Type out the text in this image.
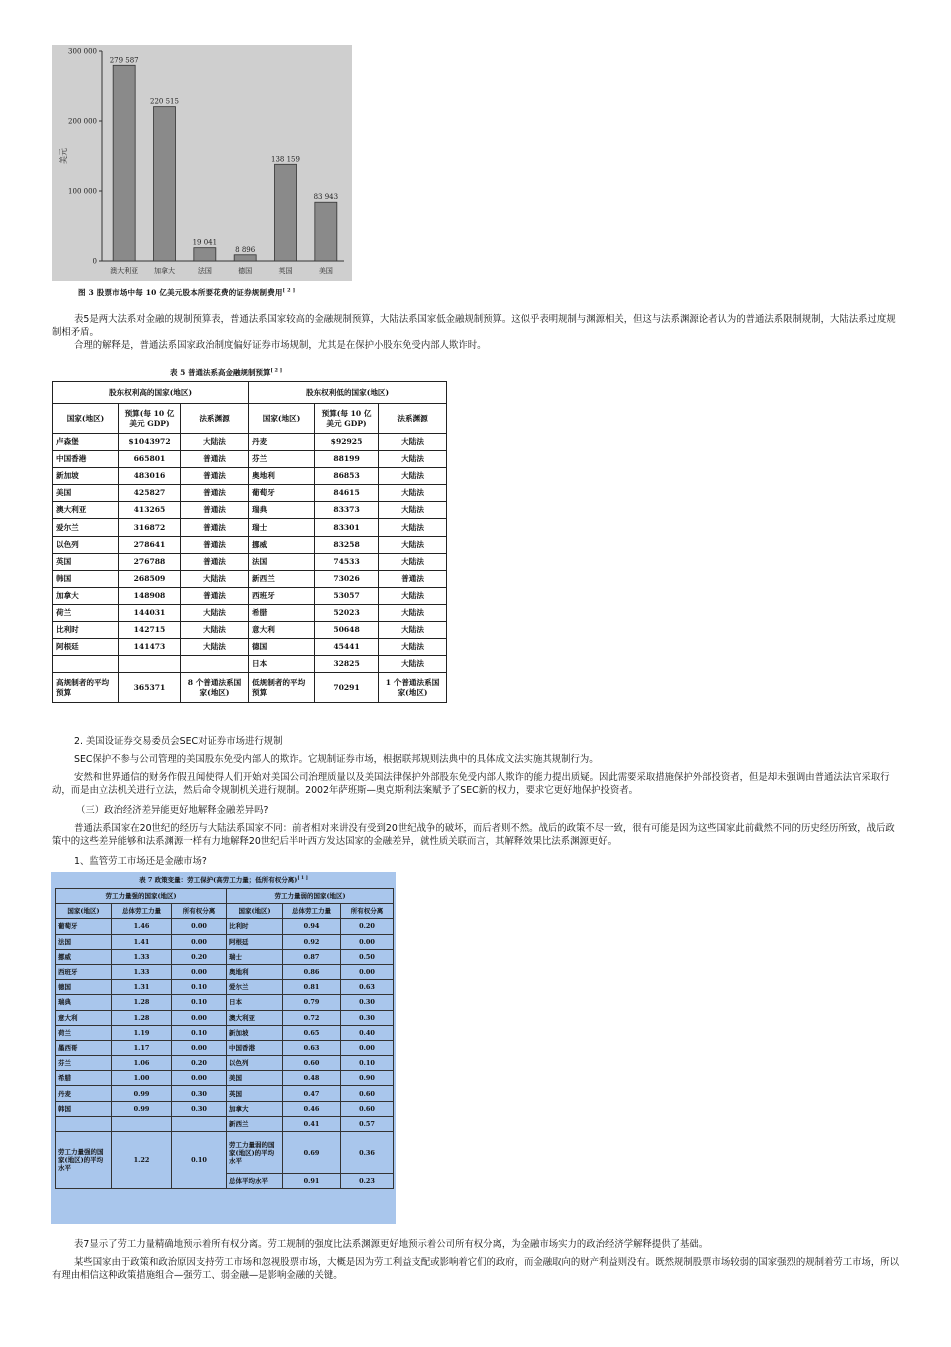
0
100 000
200 000
300 000
美元
279 587
澳大利亚
220 515
加拿大
19 041
法国
8 896
德国
138 159
英国
83 943
美国
图 3 股票市场中每 10 亿美元股本所要花费的证券规制费用[ 2 ]

表5是两大法系对金融的规制预算表，普通法系国家较高的金融规制预算，大陆法系国家低金融规制预算。这似乎表明规制与渊源相关，但这与法系渊源论者认为的普通法系限制规制，大陆法系过度规制相矛盾。

合理的解释是，普通法系国家政治制度偏好证券市场规制，尤其是在保护小股东免受内部人欺诈时。

表 5 普通法系高金融规制预算[ 2 ]
股东权利高的国家(地区)			股东权利低的国家(地区)		
国家(地区)	预算(每 10 亿美元 GDP)	法系渊源	国家(地区)	预算(每 10 亿美元 GDP)	法系渊源
卢森堡	$1043972	大陆法	丹麦	$92925	大陆法
中国香港	665801	普通法	芬兰	88199	大陆法
新加坡	483016	普通法	奥地利	86853	大陆法
美国	425827	普通法	葡萄牙	84615	大陆法
澳大利亚	413265	普通法	瑞典	83373	大陆法
爱尔兰	316872	普通法	瑞士	83301	大陆法
以色列	278641	普通法	挪威	83258	大陆法
英国	276788	普通法	法国	74533	大陆法
韩国	268509	大陆法	新西兰	73026	普通法
加拿大	148908	普通法	西班牙	53057	大陆法
荷兰	144031	大陆法	希腊	52023	大陆法
比利时	142715	大陆法	意大利	50648	大陆法
阿根廷	141473	大陆法	德国	45441	大陆法
			日本	32825	大陆法
高规制者的平均预算	365371	8 个普通法系国家(地区)	低规制者的平均预算	70291	1 个普通法系国家(地区)

2. 美国设证券交易委员会SEC对证券市场进行规制

SEC保护不参与公司管理的美国股东免受内部人的欺诈。它规制证券市场，根据联邦规则法典中的具体成文法实施其规制行为。

安然和世界通信的财务作假丑闻使得人们开始对美国公司治理质量以及美国法律保护外部股东免受内部人欺诈的能力提出质疑。因此需要采取措施保护外部投资者，但是却未强调由普通法法官采取行动，而是由立法机关进行立法，然后命令规制机关进行规制。2002年萨班斯—奥克斯利法案赋予了SEC新的权力，要求它更好地保护投资者。

（三）政治经济差异能更好地解释金融差异吗?

普通法系国家在20世纪的经历与大陆法系国家不同：前者相对来讲没有受到20世纪战争的破坏，而后者则不然。战后的政策不尽一致，很有可能是因为这些国家此前截然不同的历史经历所致，战后政策中的这些差异能够和法系渊源一样有力地解释20世纪后半叶西方发达国家的金融差异，就性质关联而言，其解释效果比法系渊源更好。

1、监管劳工市场还是金融市场?

表 7 政策变量：劳工保护(高劳工力量；低所有权分离)[ 1 ]
劳工力量强的国家(地区)			劳工力量弱的国家(地区)		
国家(地区)	总体劳工力量	所有权分离	国家(地区)	总体劳工力量	所有权分离
葡萄牙	1.46	0.00	比利时	0.94	0.20
法国	1.41	0.00	阿根廷	0.92	0.00
挪威	1.33	0.20	瑞士	0.87	0.50
西班牙	1.33	0.00	奥地利	0.86	0.00
德国	1.31	0.10	爱尔兰	0.81	0.63
瑞典	1.28	0.10	日本	0.79	0.30
意大利	1.28	0.00	澳大利亚	0.72	0.30
荷兰	1.19	0.10	新加坡	0.65	0.40
墨西哥	1.17	0.00	中国香港	0.63	0.00
芬兰	1.06	0.20	以色列	0.60	0.10
希腊	1.00	0.00	美国	0.48	0.90
丹麦	0.99	0.30	英国	0.47	0.60
韩国	0.99	0.30	加拿大	0.46	0.60
			新西兰	0.41	0.57
劳工力量强的国家(地区)的平均水平	1.22	0.10	劳工力量弱的国家(地区)的平均水平	0.69	0.36
			总体平均水平	0.91	0.23

表7显示了劳工力量精确地预示着所有权分离。劳工规制的强度比法系渊源更好地预示着公司所有权分离，为金融市场实力的政治经济学解释提供了基础。

某些国家由于政策和政治原因支持劳工市场和忽视股票市场，大概是因为劳工利益支配或影响着它们的政府，而金融取向的财产利益则没有。既然规制股票市场较弱的国家强烈的规制着劳工市场，所以有理由相信这种政策措施组合—强劳工、弱金融—是影响金融的关键。
